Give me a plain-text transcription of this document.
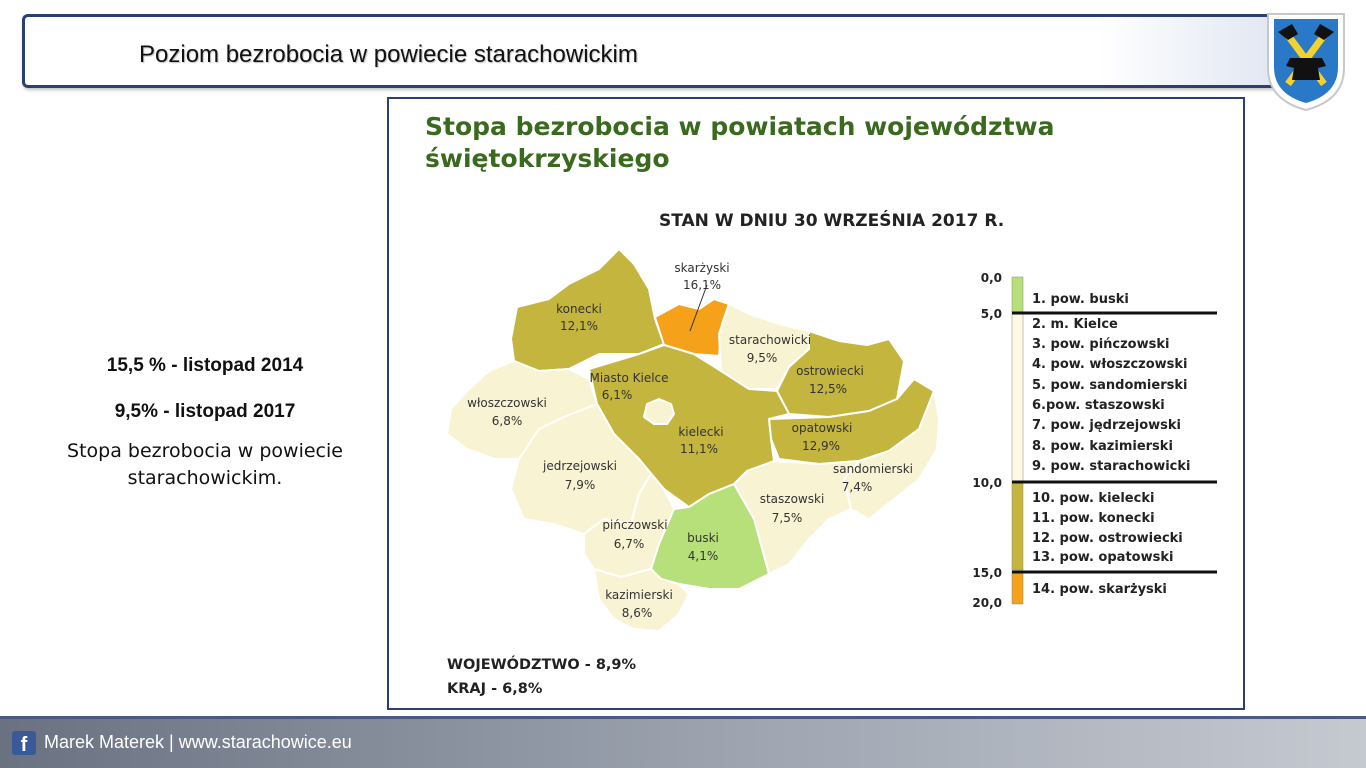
Poziom bezrobocia w powiecie starachowickim
15,5 % - listopad 2014
9,5% - listopad 2017
Stopa bezrobocia w powiecie
starachowickim.
Stopa bezrobocia w powiatach województwa
świętokrzyskiego
STAN W DNIU 30 WRZEŚNIA 2017 R.
skarżyski
16,1%
konecki
12,1%
starachowicki
9,5%
ostrowiecki
12,5%
Miasto Kielce
6,1%
włoszczowski
6,8%
kielecki
11,1%
opatowski
12,9%
jedrzejowski
7,9%
sandomierski
7,4%
staszowski
7,5%
pińczowski
6,7%	buski
4,1%
kazimierski
8,6%
0,0
5,0
10,0
15,0
20,0
1. pow. buski
2. m. Kielce
3. pow. pińczowski
4. pow. włoszczowski
5. pow. sandomierski
6.pow. staszowski
7. pow. jędrzejowski
8. pow. kazimierski
9. pow. starachowicki
10. pow. kielecki
11. pow. konecki
12. pow. ostrowiecki
13. pow. opatowski
14. pow. skarżyski
WOJEWÓDZTWO - 8,9%
KRAJ - 6,8%
f Marek Materek | www.starachowice.eu
